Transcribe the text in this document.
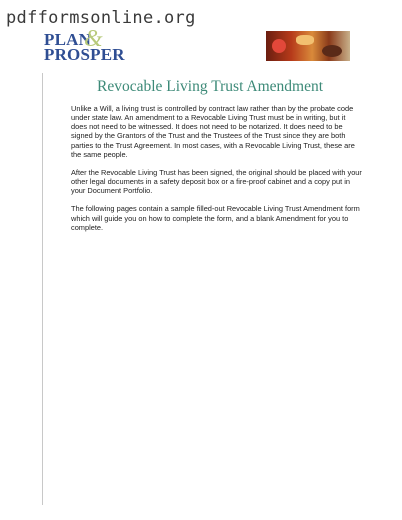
pdfformsonline.org
PLAN
&
PROSPER
Revocable Living Trust Amendment

Unlike a Will, a living trust is controlled by contract law rather than by the probate code under state law. An amendment to a Revocable Living Trust must be in writing, but it does not need to be witnessed. It does not need to be notarized. It does need to be signed by the Grantors of the Trust and the Trustees of the Trust since they are both parties to the Trust Agreement. In most cases, with a Revocable Living Trust, these are the same people.

After the Revocable Living Trust has been signed, the original should be placed with your other legal documents in a safety deposit box or a fire-proof cabinet and a copy put in your Document Portfolio.

The following pages contain a sample filled-out Revocable Living Trust Amendment form which will guide you on how to complete the form, and a blank Amendment for you to complete.
